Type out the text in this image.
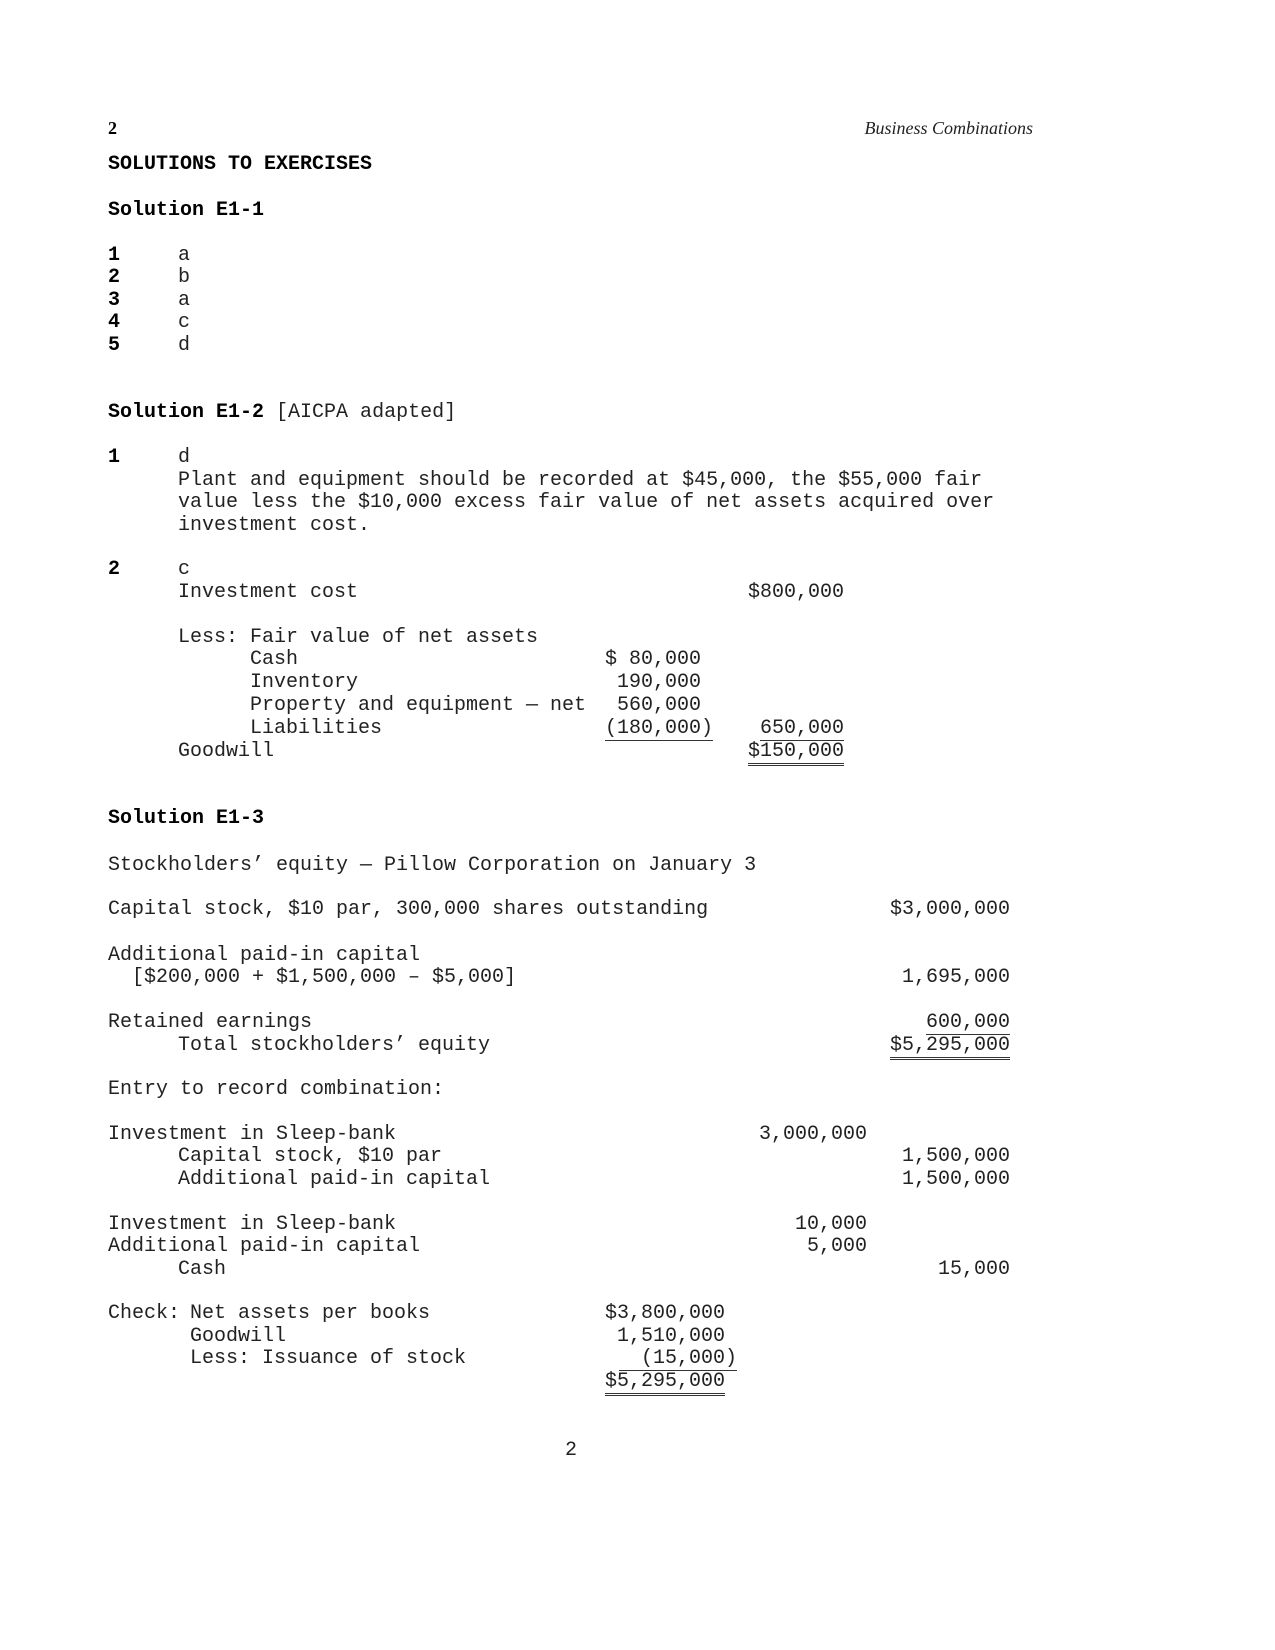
2	Business Combinations
SOLUTIONS TO EXERCISES
Solution E1-1
1	a
2	b
3	a
4	c
5	d
Solution E1-2 [AICPA adapted]
1	d
Plant and equipment should be recorded at $45,000, the $55,000 fair
value less the $10,000 excess fair value of net assets acquired over
investment cost.
2	c
Investment cost	$800,000
Less: Fair value of net assets
Cash	$ 80,000
Inventory	190,000
Property and equipment — net 560,000
Liabilities	(180,000) 650,000
Goodwill	$150,000
Solution E1-3
Stockholders’ equity — Pillow Corporation on January 3
Capital stock, $10 par, 300,000 shares outstanding	$3,000,000
Additional paid-in capital
[$200,000 + $1,500,000 – $5,000]	1,695,000
Retained earnings	600,000
Total stockholders’ equity	$5,295,000
Entry to record combination:
Investment in Sleep-bank	3,000,000
Capital stock, $10 par	1,500,000
Additional paid-in capital	1,500,000
Investment in Sleep-bank	10,000
Additional paid-in capital	5,000
Cash	15,000
Check: Net assets per books	$3,800,000
Goodwill	1,510,000
Less: Issuance of stock	(15,000)
$5,295,000
2
